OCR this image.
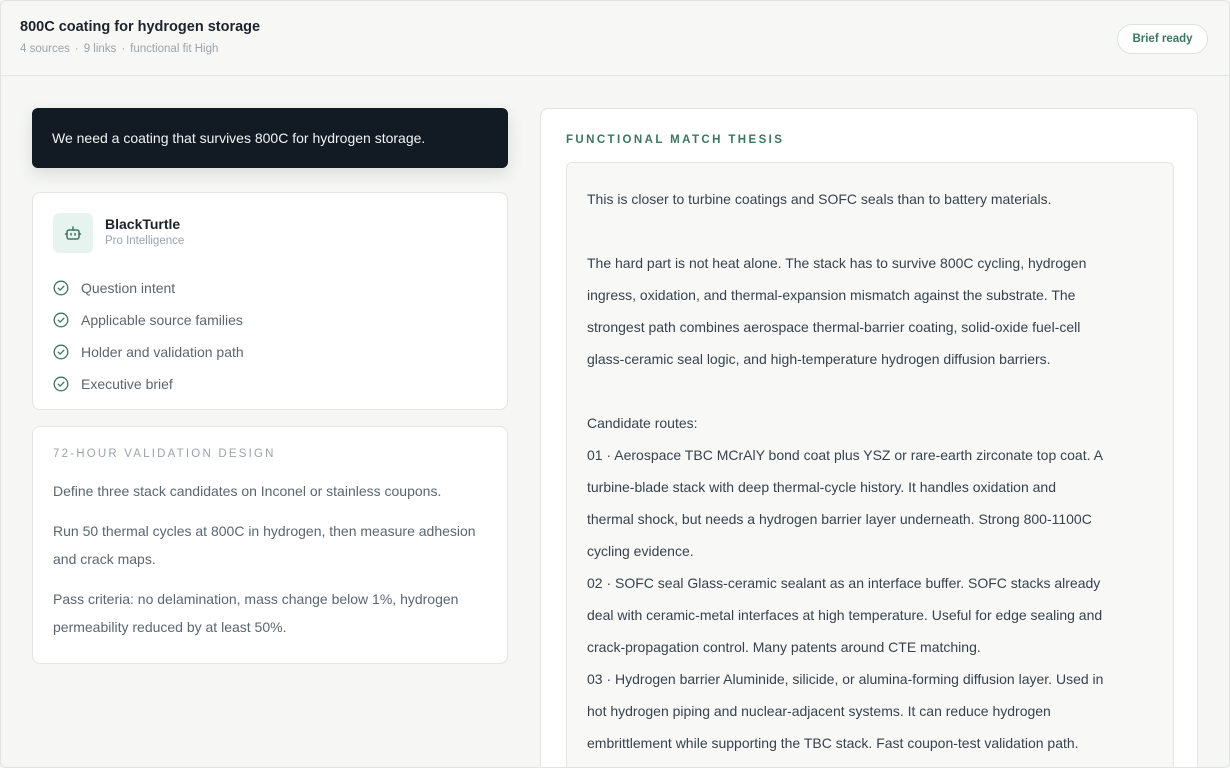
800C coating for hydrogen storage
4 sources · 9 links · functional fit High
Brief ready
We need a coating that survives 800C for hydrogen storage.
BlackTurtle
Pro Intelligence
Question intent
Applicable source families
Holder and validation path
Executive brief
72-HOUR VALIDATION DESIGN

Define three stack candidates on Inconel or stainless coupons.

Run 50 thermal cycles at 800C in hydrogen, then measure adhesion and crack maps.

Pass criteria: no delamination, mass change below 1%, hydrogen permeability reduced by at least 50%.

FUNCTIONAL MATCH THESIS
This is closer to turbine coatings and SOFC seals than to battery materials.
The hard part is not heat alone. The stack has to survive 800C cycling, hydrogen
ingress, oxidation, and thermal-expansion mismatch against the substrate. The
strongest path combines aerospace thermal-barrier coating, solid-oxide fuel-cell
glass-ceramic seal logic, and high-temperature hydrogen diffusion barriers.
Candidate routes:
01 · Aerospace TBC MCrAlY bond coat plus YSZ or rare-earth zirconate top coat. A
turbine-blade stack with deep thermal-cycle history. It handles oxidation and
thermal shock, but needs a hydrogen barrier layer underneath. Strong 800-1100C
cycling evidence.
02 · SOFC seal Glass-ceramic sealant as an interface buffer. SOFC stacks already
deal with ceramic-metal interfaces at high temperature. Useful for edge sealing and
crack-propagation control. Many patents around CTE matching.
03 · Hydrogen barrier Aluminide, silicide, or alumina-forming diffusion layer. Used in
hot hydrogen piping and nuclear-adjacent systems. It can reduce hydrogen
embrittlement while supporting the TBC stack. Fast coupon-test validation path.
